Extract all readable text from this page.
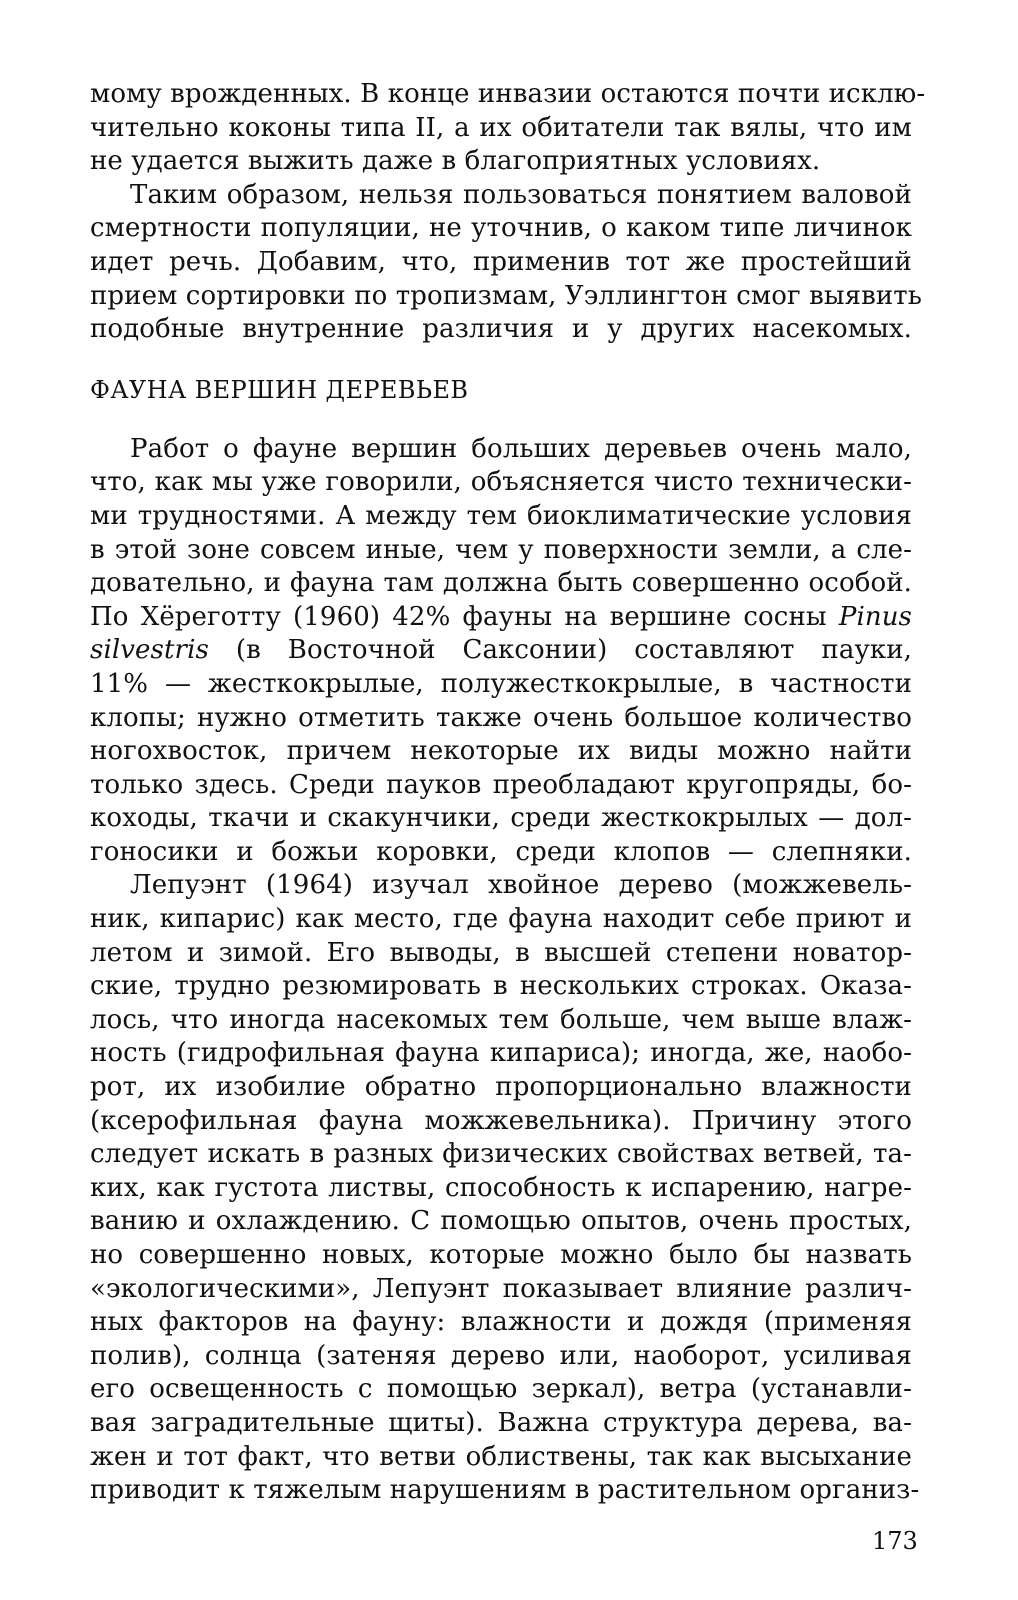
мому врожденных. В конце инвазии остаются почти исклю-
чительно коконы типа II, а их обитатели так вялы, что им
не удается выжить даже в благоприятных условиях.
Таким образом, нельзя пользоваться понятием валовой
смертности популяции, не уточнив, о каком типе личинок
идет речь. Добавим, что, применив тот же простейший
прием сортировки по тропизмам, Уэллингтон смог выявить
подобные внутренние различия и у других насекомых.
ФАУНА ВЕРШИН ДЕРЕВЬЕВ
Работ о фауне вершин больших деревьев очень мало,
что, как мы уже говорили, объясняется чисто технически-
ми трудностями. А между тем биоклиматические условия
в этой зоне совсем иные, чем у поверхности земли, а сле-
довательно, и фауна там должна быть совершенно особой.
По Хёреготту (1960) 42% фауны на вершине сосны Pinus
silvestris (в Восточной Саксонии) составляют пауки,
11% — жесткокрылые, полужесткокрылые, в частности
клопы; нужно отметить также очень большое количество
ногохвосток, причем некоторые их виды можно найти
только здесь. Среди пауков преобладают кругопряды, бо-
коходы, ткачи и скакунчики, среди жесткокрылых — дол-
гоносики и божьи коровки, среди клопов — слепняки.
Лепуэнт (1964) изучал хвойное дерево (можжевель-
ник, кипарис) как место, где фауна находит себе приют и
летом и зимой. Его выводы, в высшей степени новатор-
ские, трудно резюмировать в нескольких строках. Оказа-
лось, что иногда насекомых тем больше, чем выше влаж-
ность (гидрофильная фауна кипариса); иногда, же, наобо-
рот, их изобилие обратно пропорционально влажности
(ксерофильная фауна можжевельника). Причину этого
следует искать в разных физических свойствах ветвей, та-
ких, как густота листвы, способность к испарению, нагре-
ванию и охлаждению. С помощью опытов, очень простых,
но совершенно новых, которые можно было бы назвать
«экологическими», Лепуэнт показывает влияние различ-
ных факторов на фауну: влажности и дождя (применяя
полив), солнца (затеняя дерево или, наоборот, усиливая
его освещенность с помощью зеркал), ветра (устанавли-
вая заградительные щиты). Важна структура дерева, ва-
жен и тот факт, что ветви облиствены, так как высыхание
приводит к тяжелым нарушениям в растительном организ-
173
